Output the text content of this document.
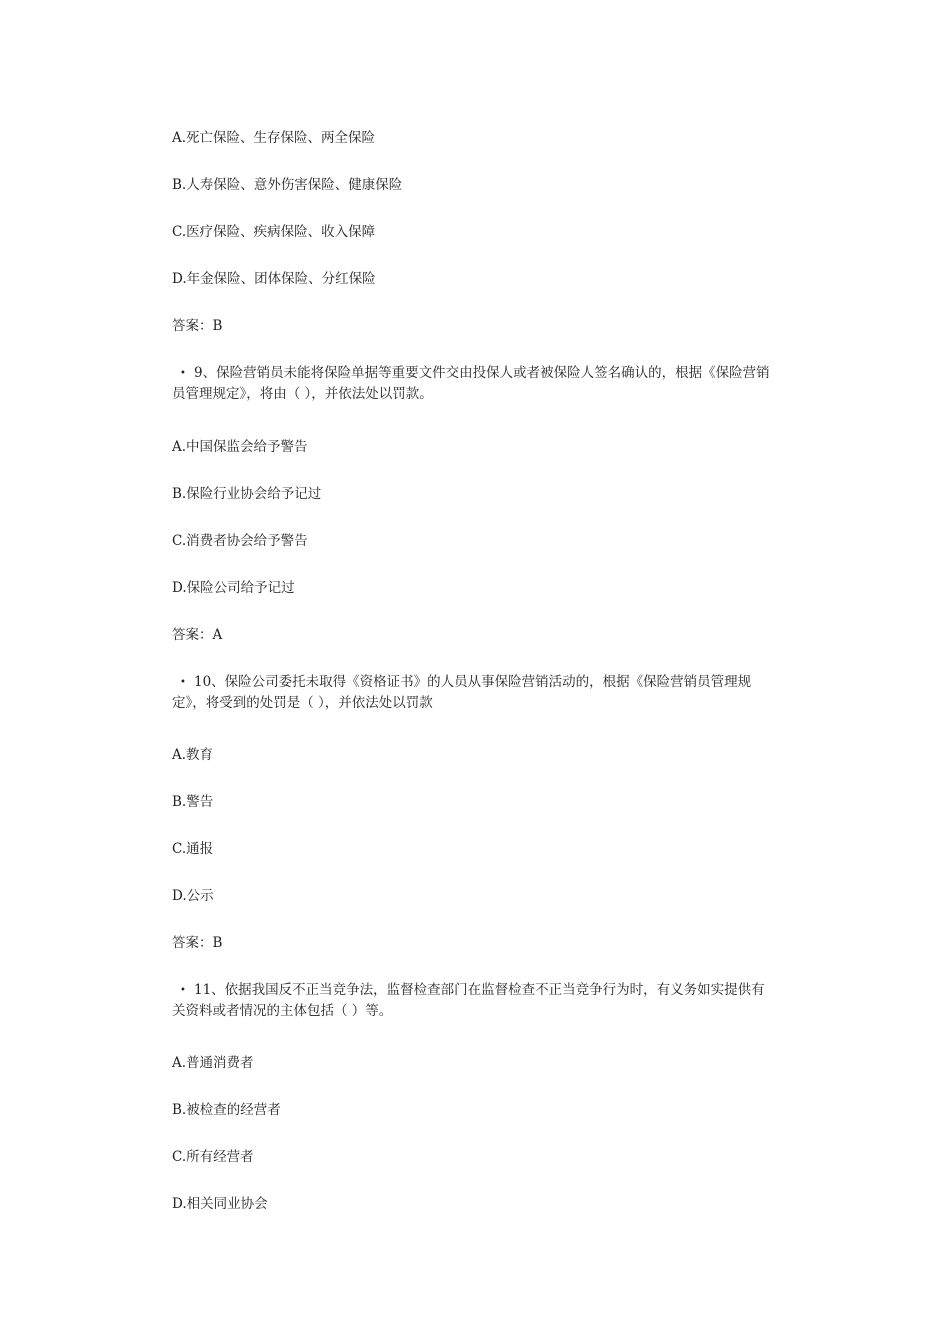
A.死亡保险、生存保险、两全保险

B.人寿保险、意外伤害保险、健康保险

C.医疗保险、疾病保险、收入保障

D.年金保险、团体保险、分红保险

答案：B

• 9、保险营销员未能将保险单据等重要文件交由投保人或者被保险人签名确认的，根据《保险营销
员管理规定》，将由（ ），并依法处以罚款。

A.中国保监会给予警告

B.保险行业协会给予记过

C.消费者协会给予警告

D.保险公司给予记过

答案：A

• 10、保险公司委托未取得《资格证书》的人员从事保险营销活动的，根据《保险营销员管理规
定》，将受到的处罚是（ ），并依法处以罚款

A.教育

B.警告

C.通报

D.公示

答案：B

• 11、依据我国反不正当竞争法，监督检查部门在监督检查不正当竞争行为时，有义务如实提供有
关资料或者情况的主体包括（ ）等。

A.普通消费者

B.被检查的经营者

C.所有经营者

D.相关同业协会
